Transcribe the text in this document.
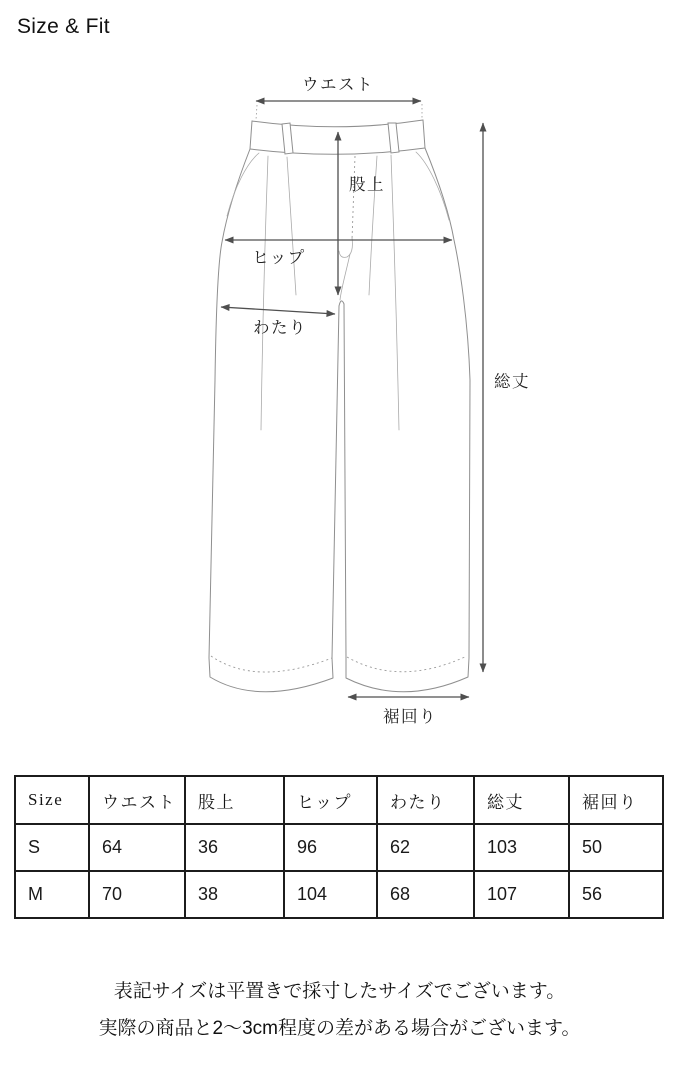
Size & Fit
ウエスト
股上
ヒップ
わたり
総丈
裾回り
Size	ウエスト	股上	ヒップ	わたり	総丈	裾回り
S	64	36	96	62	103	50
M	70	38	104	68	107	56
表記サイズは平置きで採寸したサイズでございます。
実際の商品と2〜3cm程度の差がある場合がございます。
